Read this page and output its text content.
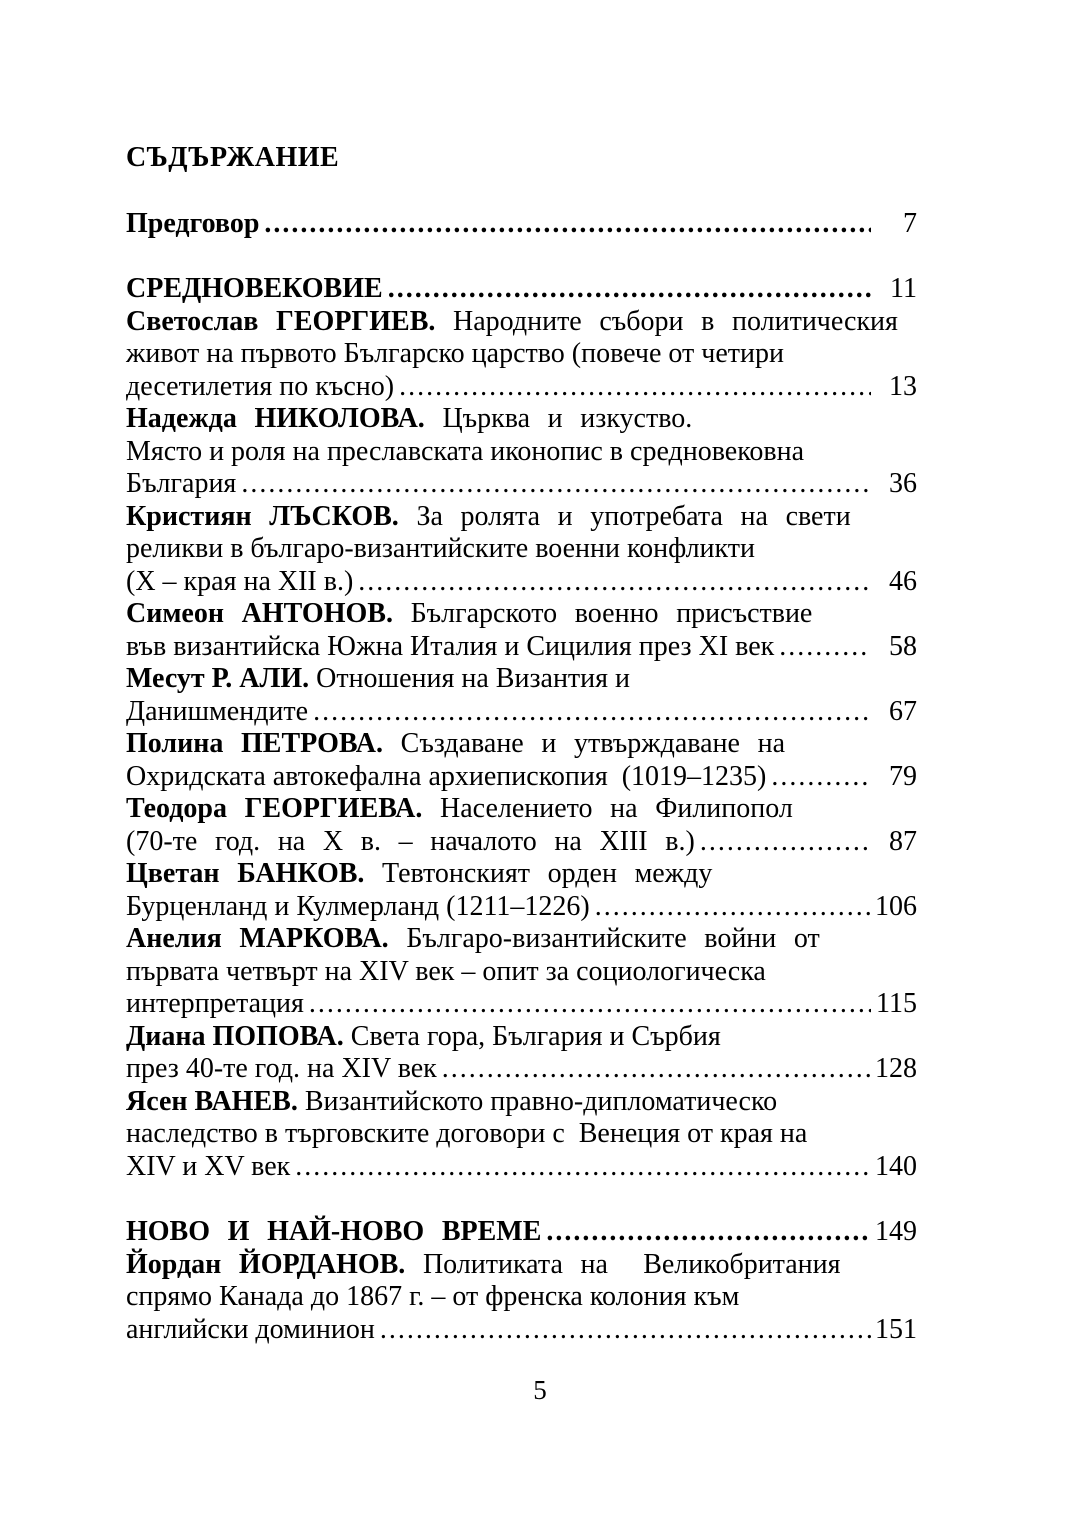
СЪДЪРЖАНИЕ
Предговор .....	7
СРЕДНОВЕКОВИЕ .....	11
Светослав ГЕОРГИЕВ. Народните събори в политическия
живот на първото Българско царство (повече от четири
десетилетия по късно) .....	13
Надежда НИКОЛОВА. Църква и изкуство.
Място и роля на преславската иконопис в средновековна
България .....	36
Кристиян ЛЪСКОВ. За ролята и употребата на свети
реликви в българо-византийските военни конфликти
(X – края на XII в.) .....	46
Симеон АНТОНОВ. Българското военно присъствие
във византийска Южна Италия и Сицилия през XI век .....	58
Месут Р. АЛИ. Отношения на Византия и
Данишмендите .....	67
Полина ПЕТРОВА. Създаване и утвърждаване на
Охридската автокефална архиепископия  (1019–1235) .....	79
Теодора ГЕОРГИЕВА. Населението на Филипопол
(70-те год. на X в. – началото на XIII в.) .....	87
Цветан БАНКОВ. Тевтонският орден между
Бурценланд и Кулмерланд (1211–1226) .....	106
Анелия МАРКОВА. Българо-византийските войни от
първата четвърт на XIV век – опит за социологическа
интерпретация .....	115
Диана ПОПОВА. Света гора, България и Сърбия
през 40-те год. на XIV век .....	128
Ясен ВАНЕВ. Византийското правно-дипломатическо
наследство в търговските договори с  Венеция от края на
XIV и XV век .....	140
НОВО И НАЙ-НОВО ВРЕМЕ .....	149
Йордан ЙОРДАНОВ. Политиката на  Великобритания
спрямо Канада до 1867 г. – от френска колония към
английски доминион .....	151
5
